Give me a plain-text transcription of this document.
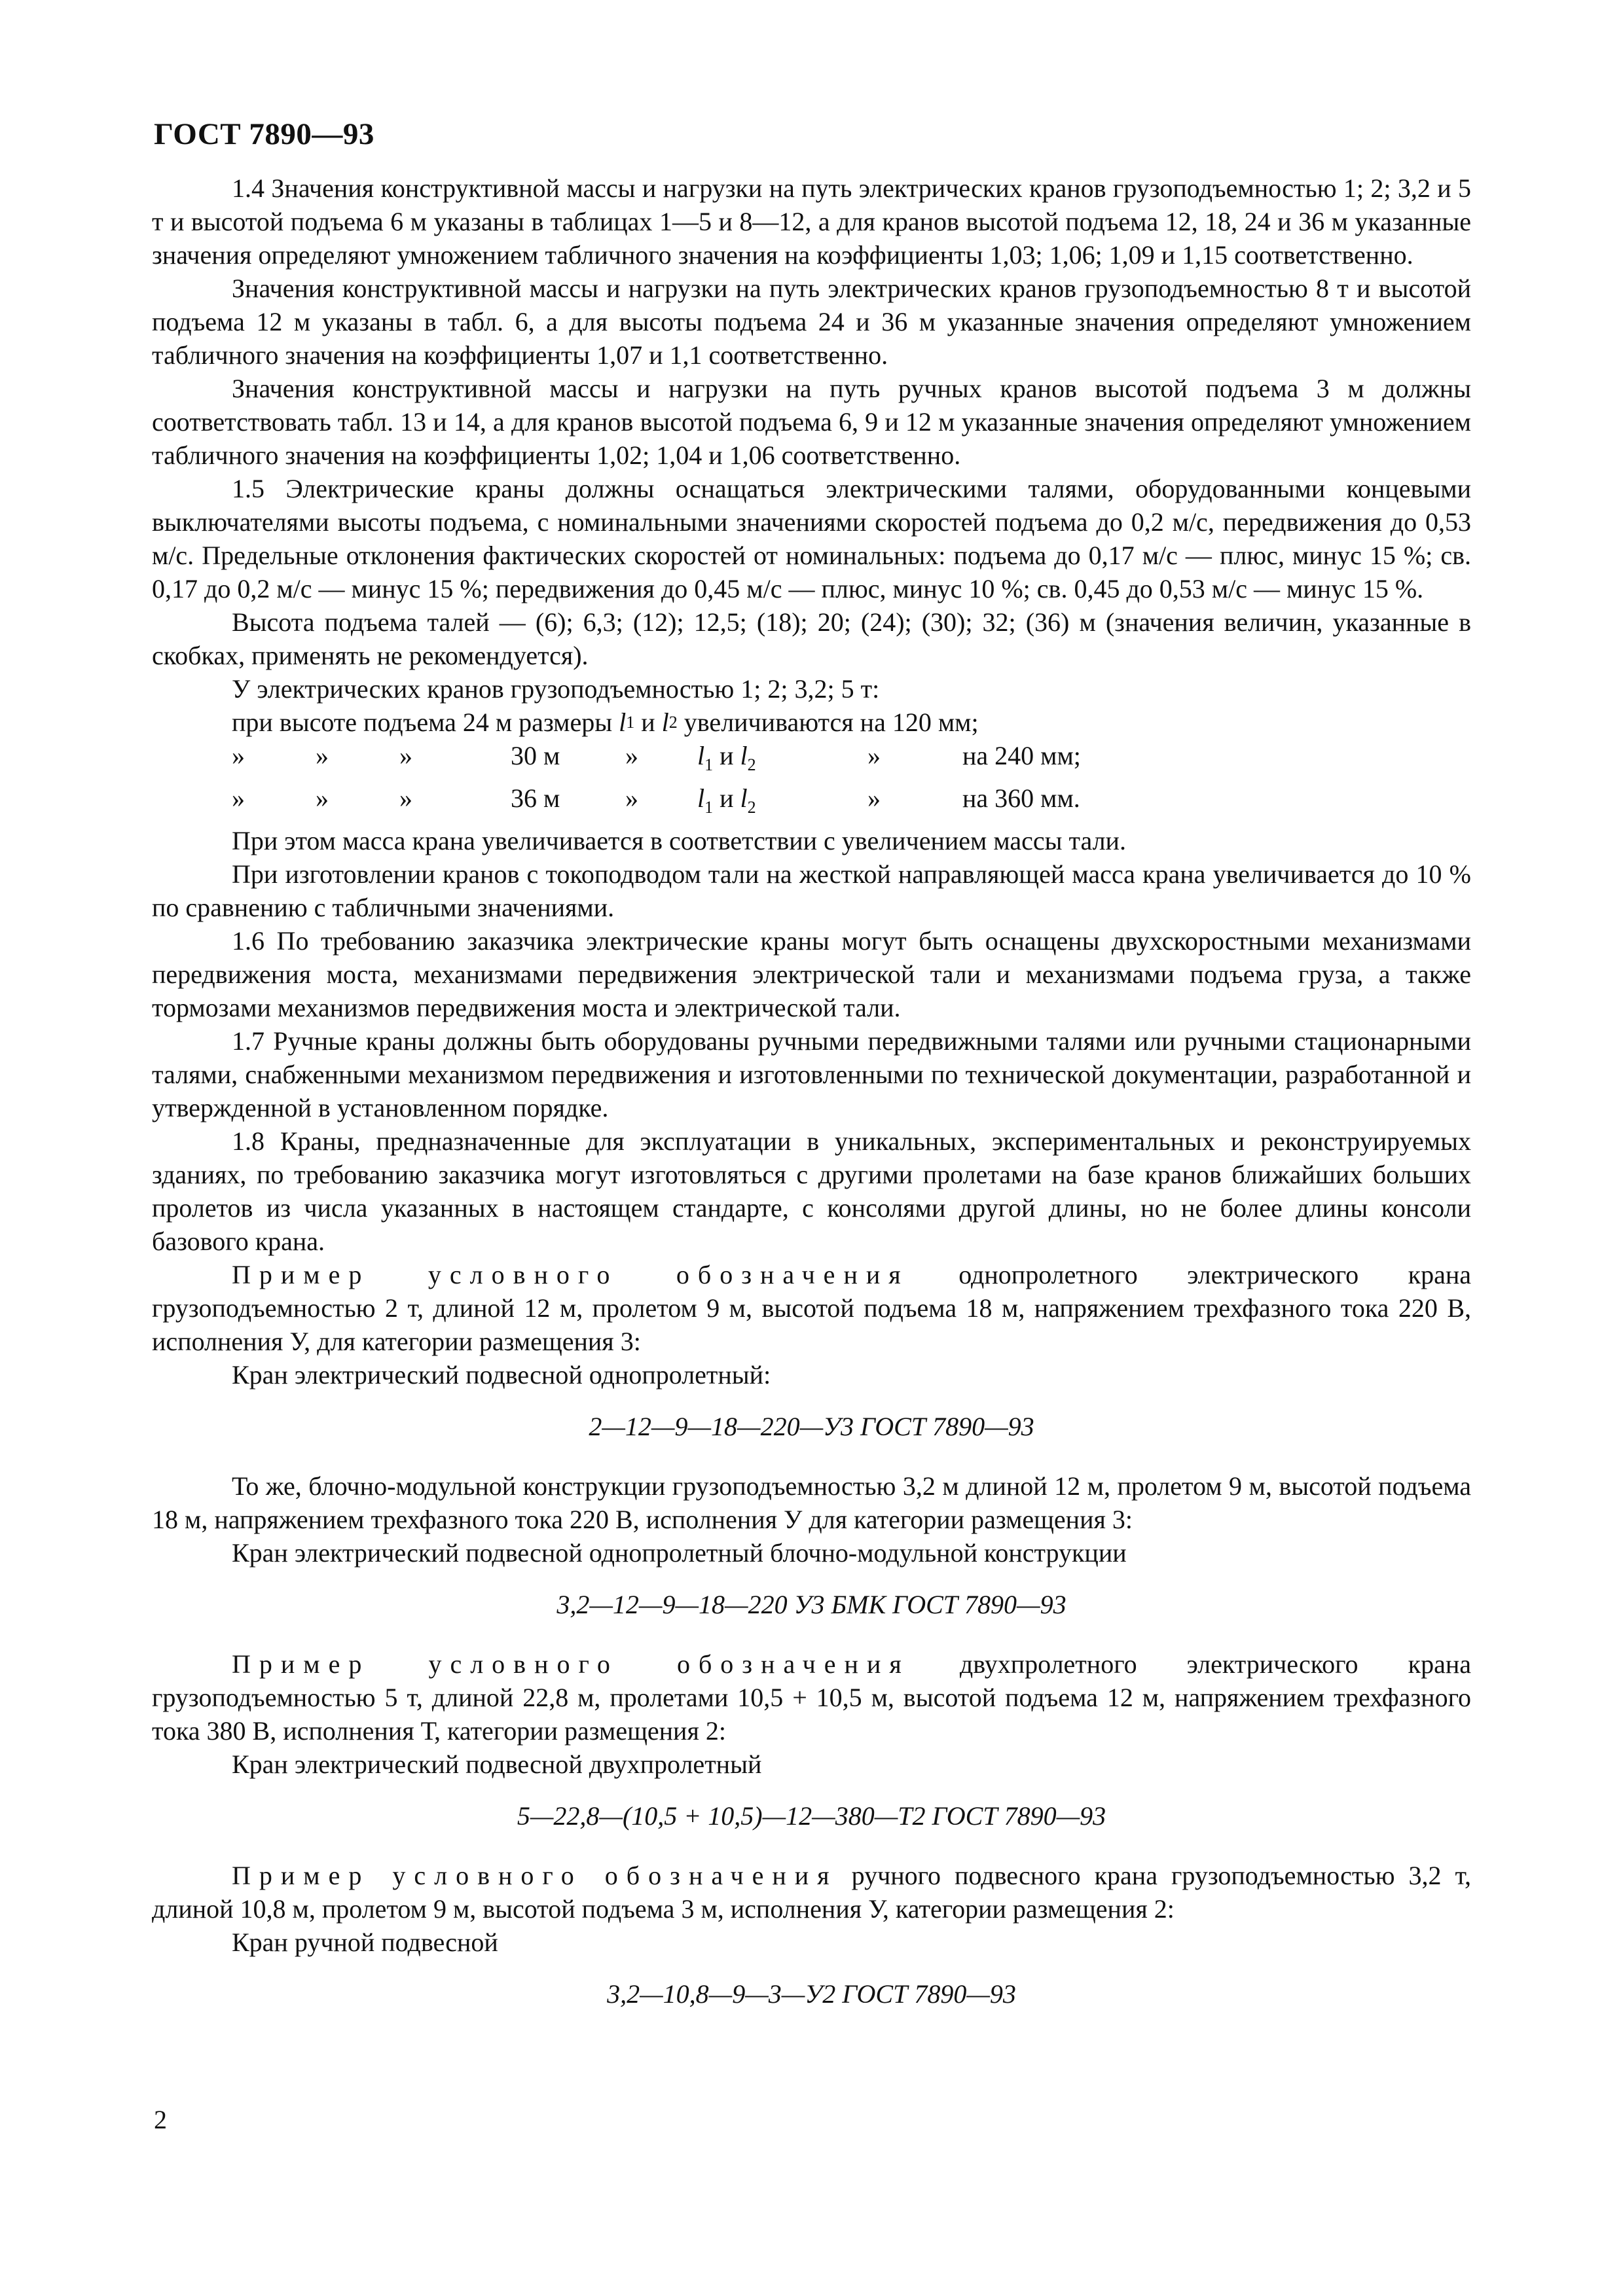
ГОСТ 7890—93

1.4 Значения конструктивной массы и нагрузки на путь электрических кранов грузоподъемностью 1; 2; 3,2 и 5 т и высотой подъема 6 м указаны в таблицах 1—5 и 8—12, а для кранов высотой подъема 12, 18, 24 и 36 м указанные значения определяют умножением табличного значения на коэффициенты 1,03; 1,06; 1,09 и 1,15 соответственно.

Значения конструктивной массы и нагрузки на путь электрических кранов грузоподъемностью 8 т и высотой подъема 12 м указаны в табл. 6, а для высоты подъема 24 и 36 м указанные значения определяют умножением табличного значения на коэффициенты 1,07 и 1,1 соответственно.

Значения конструктивной массы и нагрузки на путь ручных кранов высотой подъема 3 м должны соответствовать табл. 13 и 14, а для кранов высотой подъема 6, 9 и 12 м указанные значения определяют умножением табличного значения на коэффициенты 1,02; 1,04 и 1,06 соответственно.

1.5 Электрические краны должны оснащаться электрическими талями, оборудованными концевыми выключателями высоты подъема, с номинальными значениями скоростей подъема до 0,2 м/с, передвижения до 0,53 м/с. Предельные отклонения фактических скоростей от номинальных: подъема до 0,17 м/с — плюс, минус 15 %; св. 0,17 до 0,2 м/с — минус 15 %; передвижения до 0,45 м/с — плюс, минус 10 %; св. 0,45 до 0,53 м/с — минус 15 %.

Высота подъема талей — (6); 6,3; (12); 12,5; (18); 20; (24); (30); 32; (36) м (значения величин, указанные в скобках, применять не рекомендуется).

У электрических кранов грузоподъемностью 1; 2; 3,2; 5 т:

при высоте подъема 24 м размеры l 1 и l 2 увеличиваются на 120 мм;
»	»	»	30 м	»	$l_1$ и $l_2$	»	на 240 мм;
»	»	»	36 м	»	$l_1$ и $l_2$	»	на 360 мм.

При этом масса крана увеличивается в соответствии с увеличением массы тали.

При изготовлении кранов с токоподводом тали на жесткой направляющей масса крана увеличивается до 10 % по сравнению с табличными значениями.

1.6 По требованию заказчика электрические краны могут быть оснащены двухскоростными механизмами передвижения моста, механизмами передвижения электрической тали и механизмами подъема груза, а также тормозами механизмов передвижения моста и электрической тали.

1.7 Ручные краны должны быть оборудованы ручными передвижными талями или ручными стационарными талями, снабженными механизмом передвижения и изготовленными по технической документации, разработанной и утвержденной в установленном порядке.

1.8 Краны, предназначенные для эксплуатации в уникальных, экспериментальных и реконструируемых зданиях, по требованию заказчика могут изготовляться с другими пролетами на базе кранов ближайших больших пролетов из числа указанных в настоящем стандарте, с консолями другой длины, но не более длины консоли базового крана.

Пример условного обозначения однопролетного электрического крана грузоподъемностью 2 т, длиной 12 м, пролетом 9 м, высотой подъема 18 м, напряжением трехфазного тока 220 В, исполнения У, для категории размещения 3:

Кран электрический подвесной однопролетный:

2—12—9—18—220—У3 ГОСТ 7890—93

То же, блочно-модульной конструкции грузоподъемностью 3,2 м длиной 12 м, пролетом 9 м, высотой подъема 18 м, напряжением трехфазного тока 220 В, исполнения У для категории размещения 3:

Кран электрический подвесной однопролетный блочно-модульной конструкции

3,2—12—9—18—220 У3 БМК ГОСТ 7890—93

Пример условного обозначения двухпролетного электрического крана грузоподъемностью 5 т, длиной 22,8 м, пролетами 10,5 + 10,5 м, высотой подъема 12 м, напряжением трехфазного тока 380 В, исполнения Т, категории размещения 2:

Кран электрический подвесной двухпролетный

5—22,8—(10,5 + 10,5)—12—380—Т2 ГОСТ 7890—93

Пример условного обозначения ручного подвесного крана грузоподъемностью 3,2 т, длиной 10,8 м, пролетом 9 м, высотой подъема 3 м, исполнения У, категории размещения 2:

Кран ручной подвесной

3,2—10,8—9—3—У2 ГОСТ 7890—93

2
